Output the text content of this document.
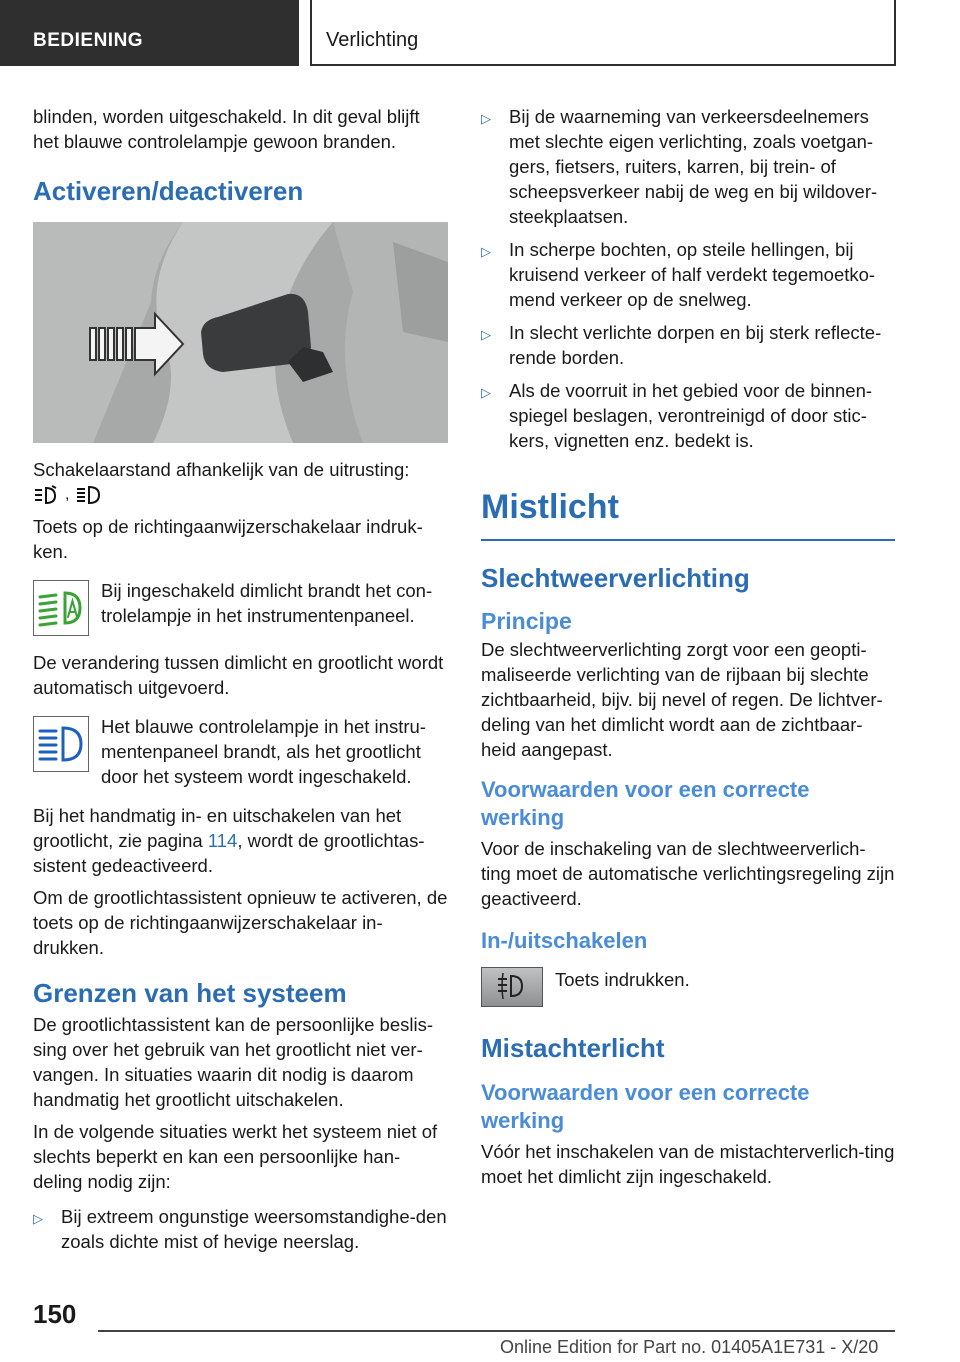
BEDIENING	Verlichting

blinden, worden uitgeschakeld. In dit geval blijft het blauwe controlelampje gewoon branden.

Activeren/deactiveren

Schakelaarstand afhankelijk van de uitrusting:

,

Toets op de richtingaanwijzerschakelaar indruk-ken.

Bij ingeschakeld dimlicht brandt het con-trolelampje in het instrumentenpaneel.

De verandering tussen dimlicht en grootlicht wordt automatisch uitgevoerd.

Het blauwe controlelampje in het instru-mentenpaneel brandt, als het grootlicht door het systeem wordt ingeschakeld.

Bij het handmatig in- en uitschakelen van het grootlicht, zie pagina 114, wordt de grootlichtas-sistent gedeactiveerd.

Om de grootlichtassistent opnieuw te activeren, de toets op de richtingaanwijzerschakelaar in-drukken.

Grenzen van het systeem

De grootlichtassistent kan de persoonlijke beslis-sing over het gebruik van het grootlicht niet ver-vangen. In situaties waarin dit nodig is daarom handmatig het grootlicht uitschakelen.

In de volgende situaties werkt het systeem niet of slechts beperkt en kan een persoonlijke han-deling nodig zijn:

▷ Bij extreem ongunstige weersomstandighe-den zoals dichte mist of hevige neerslag.
▷ Bij de waarneming van verkeersdeelnemers met slechte eigen verlichting, zoals voetgan-gers, fietsers, ruiters, karren, bij trein- of scheepsverkeer nabij de weg en bij wildover-steekplaatsen.
▷ In scherpe bochten, op steile hellingen, bij kruisend verkeer of half verdekt tegemoetko-mend verkeer op de snelweg.
▷ In slecht verlichte dorpen en bij sterk reflecte-rende borden.
▷ Als de voorruit in het gebied voor de binnen-spiegel beslagen, verontreinigd of door stic-kers, vignetten enz. bedekt is.
Mistlicht
Slechtweerverlichting
Principe

De slechtweerverlichting zorgt voor een geopti-maliseerde verlichting van de rijbaan bij slechte zichtbaarheid, bijv. bij nevel of regen. De lichtver-deling van het dimlicht wordt aan de zichtbaar-heid aangepast.

Voorwaarden voor een correcte werking

Voor de inschakeling van de slechtweerverlich-ting moet de automatische verlichtingsregeling zijn geactiveerd.

In-/uitschakelen

Toets indrukken.

Mistachterlicht
Voorwaarden voor een correcte werking

Vóór het inschakelen van de mistachterverlich-ting moet het dimlicht zijn ingeschakeld.

150
Online Edition for Part no. 01405A1E731 - X/20
